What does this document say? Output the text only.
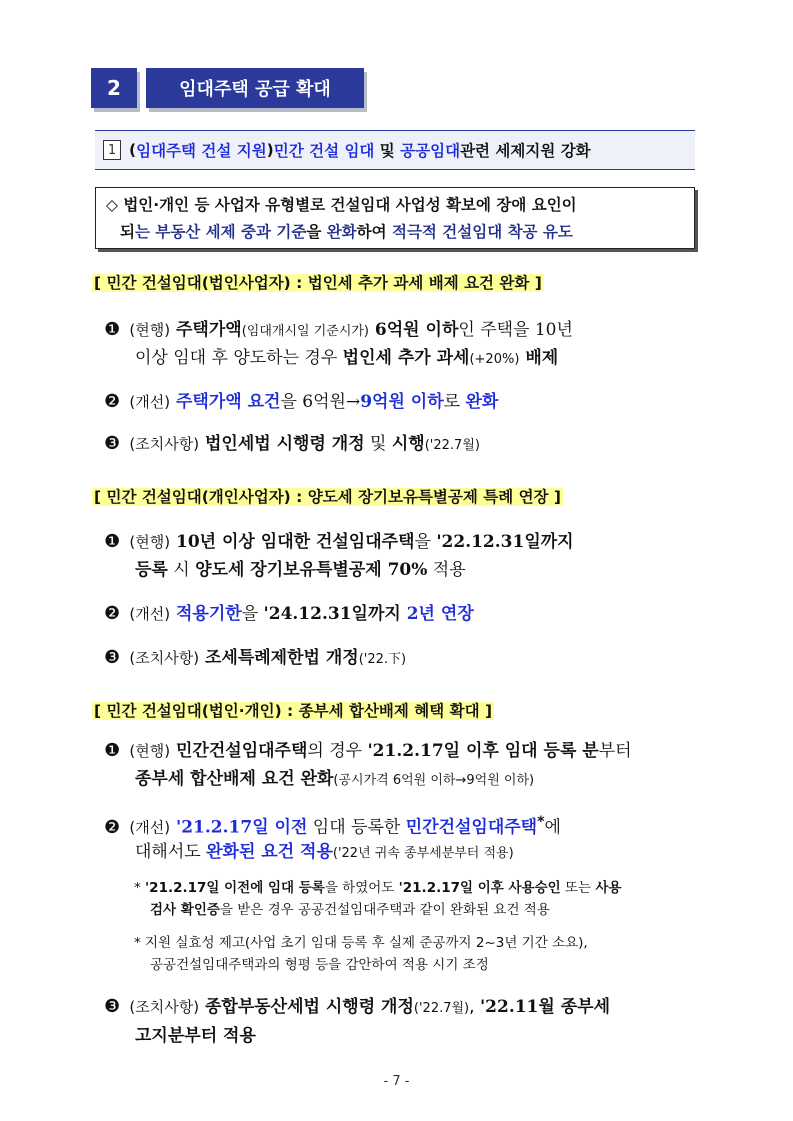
2	임대주택 공급 확대
1 ( 임대주택 건설 지원 ) 민간 건설 임대 및 공공임대 관련 세제지원 강화
◇ 법인·개인 등 사업자 유형별로 건설임대 사업성 확보에 장애 요인이
되는 부동산 세제 중과 기준을 완화하여 적극적 건설임대 착공 유도
[ 민간 건설임대(법인사업자) : 법인세 추가 과세 배제 요건 완화 ]
❶ (현행) 주택가액(임대개시일 기준시가) 6억원 이하인 주택을 10년
이상 임대 후 양도하는 경우 법인세 추가 과세(+20%) 배제
❷ (개선) 주택가액 요건을 6억원→9억원 이하로 완화
❸ (조치사항) 법인세법 시행령 개정 및 시행('22.7월)
[ 민간 건설임대(개인사업자) : 양도세 장기보유특별공제 특례 연장 ]
❶ (현행) 10년 이상 임대한 건설임대주택을 '22.12.31일까지
등록 시 양도세 장기보유특별공제 70% 적용
❷ (개선) 적용기한을 '24.12.31일까지 2년 연장
❸ (조치사항) 조세특례제한법 개정('22.下)
[ 민간 건설임대(법인·개인) : 종부세 합산배제 혜택 확대 ]
❶ (현행) 민간건설임대주택의 경우 '21.2.17일 이후 임대 등록 분부터
종부세 합산배제 요건 완화(공시가격 6억원 이하→9억원 이하)
❷ (개선) '21.2.17일 이전 임대 등록한 민간건설임대주택*에
대해서도 완화된 요건 적용('22년 귀속 종부세분부터 적용)
* '21.2.17일 이전에 임대 등록을 하였어도 '21.2.17일 이후 사용승인 또는 사용
검사 확인증을 받은 경우 공공건설임대주택과 같이 완화된 요건 적용
* 지원 실효성 제고(사업 초기 임대 등록 후 실제 준공까지 2~3년 기간 소요),
공공건설임대주택과의 형평 등을 감안하여 적용 시기 조정
❸ (조치사항) 종합부동산세법 시행령 개정('22.7월), '22.11월 종부세
고지분부터 적용
- 7 -
